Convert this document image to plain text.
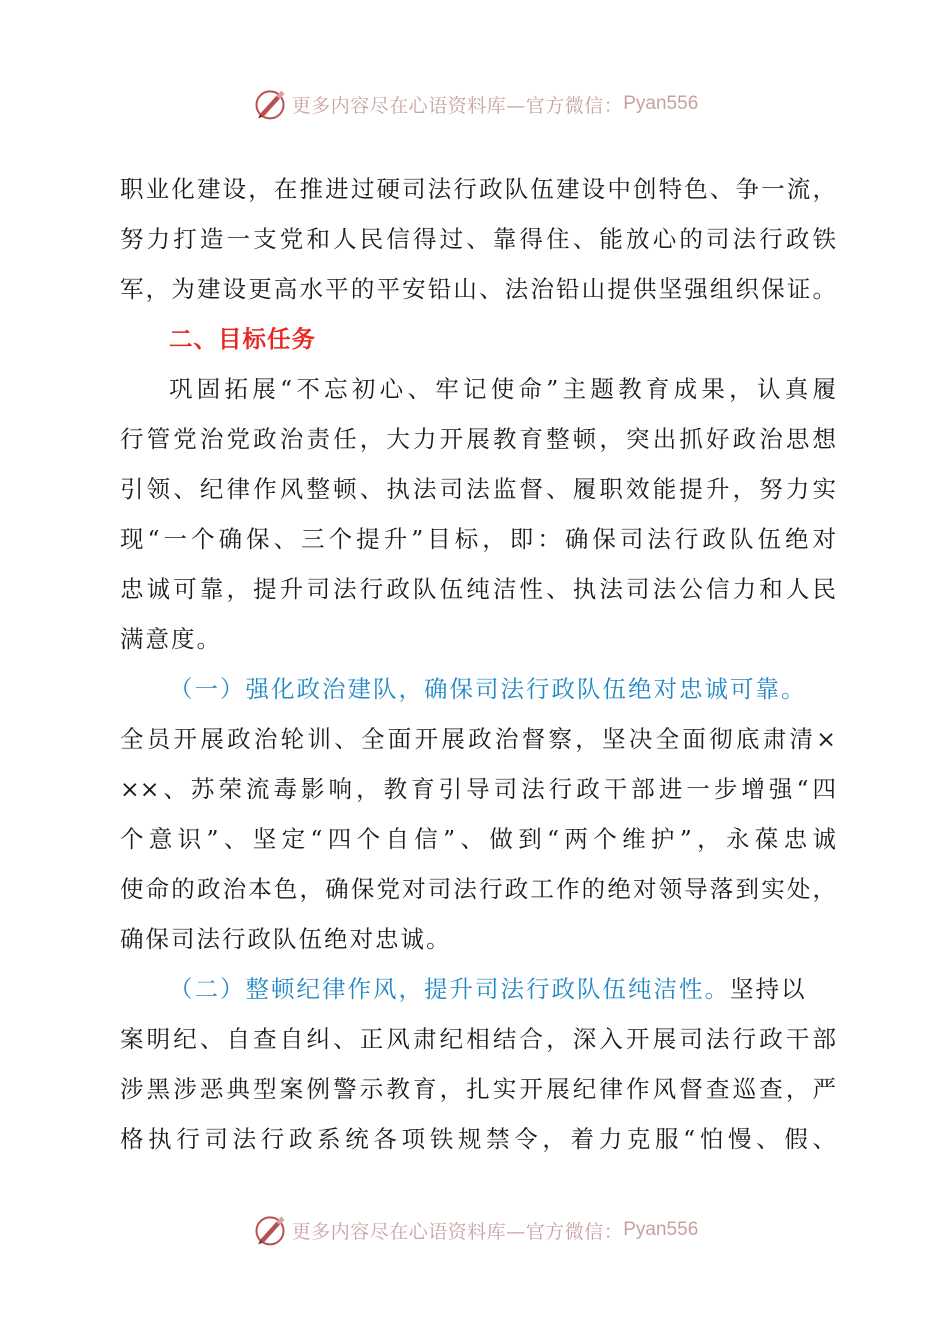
更多内容尽在心语资料库—官方微信： Pyan556
职业化建设，在推进过硬司法行政队伍建设中创特色、争一流，
努力打造一支党和人民信得过、靠得住、能放心的司法行政铁
军，为建设更高水平的平安铅山、法治铅山提供坚强组织保证。
二、目标任务
巩固拓展“不忘初心、牢记使命”主题教育成果，认真履
行管党治党政治责任，大力开展教育整顿，突出抓好政治思想
引领、纪律作风整顿、执法司法监督、履职效能提升，努力实
现“一个确保、三个提升”目标，即：确保司法行政队伍绝对
忠诚可靠，提升司法行政队伍纯洁性、执法司法公信力和人民
满意度。
（一）强化政治建队，确保司法行政队伍绝对忠诚可靠。
全员开展政治轮训、全面开展政治督察，坚决全面彻底肃清×
××、苏荣流毒影响，教育引导司法行政干部进一步增强“四
个意识”、坚定“四个自信”、做到“两个维护”，永葆忠诚
使命的政治本色，确保党对司法行政工作的绝对领导落到实处，
确保司法行政队伍绝对忠诚。
（二）整顿纪律作风，提升司法行政队伍纯洁性。坚持以
案明纪、自查自纠、正风肃纪相结合，深入开展司法行政干部
涉黑涉恶典型案例警示教育，扎实开展纪律作风督查巡查，严
格执行司法行政系统各项铁规禁令，着力克服“怕慢、假、
更多内容尽在心语资料库—官方微信： Pyan556
